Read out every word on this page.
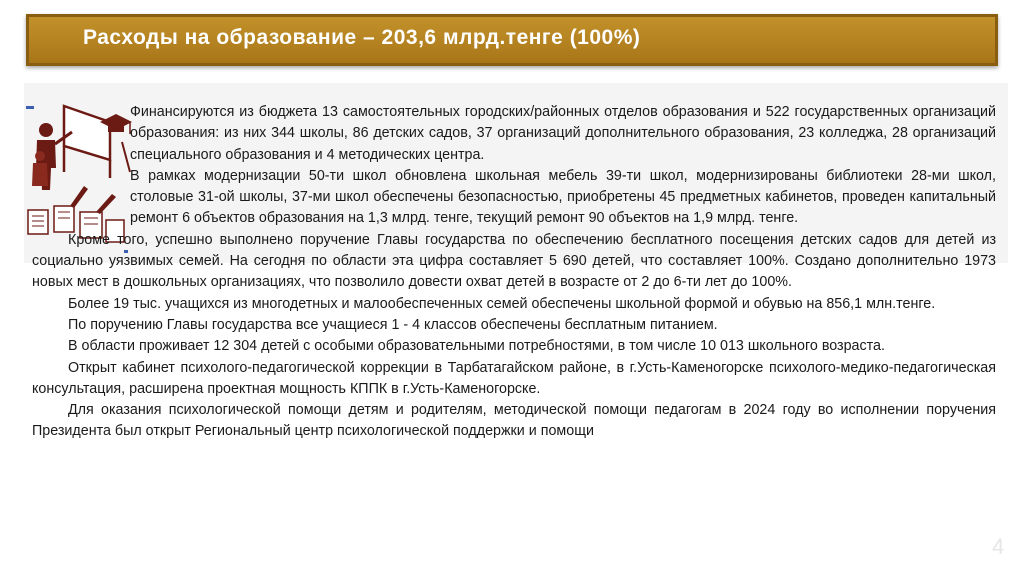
Расходы на образование – 203,6 млрд.тенге (100%)

Финансируются из бюджета 13 самостоятельных городских/районных отделов образования и 522 государственных организаций образования: из них 344 школы, 86 детских садов, 37 организаций дополнительного образования, 23 колледжа, 28 организаций специального образования и 4 методических центра.

В рамках модернизации 50-ти школ обновлена школьная мебель 39-ти школ, модернизированы библиотеки 28-ми школ, столовые 31-ой школы, 37-ми школ обеспечены безопасностью, приобретены 45 предметных кабинетов, проведен капитальный ремонт 6 объектов образования на 1,3 млрд. тенге, текущий ремонт 90 объектов на 1,9 млрд. тенге.

Кроме того, успешно выполнено поручение Главы государства по обеспечению бесплатного посещения детских садов для детей из социально уязвимых семей. На сегодня по области эта цифра составляет 5 690 детей, что составляет 100%. Создано дополнительно 1973 новых мест в дошкольных организациях, что позволило довести охват детей в возрасте от 2 до 6-ти лет до 100%.

Более 19 тыс. учащихся из многодетных и малообеспеченных семей обеспечены школьной формой и обувью на 856,1 млн.тенге.

По поручению Главы государства все учащиеся 1 - 4 классов обеспечены бесплатным питанием.

В области проживает 12 304 детей с особыми образовательными потребностями, в том числе 10 013 школьного возраста.

Открыт кабинет психолого-педагогической коррекции в Тарбатагайском районе, в г.Усть-Каменогорске психолого-медико-педагогическая консультация, расширена проектная мощность КППК в г.Усть-Каменогорске.

Для оказания психологической помощи детям и родителям, методической помощи педагогам в 2024 году во исполнении поручения Президента был открыт Региональный центр психологической поддержки и помощи

4
